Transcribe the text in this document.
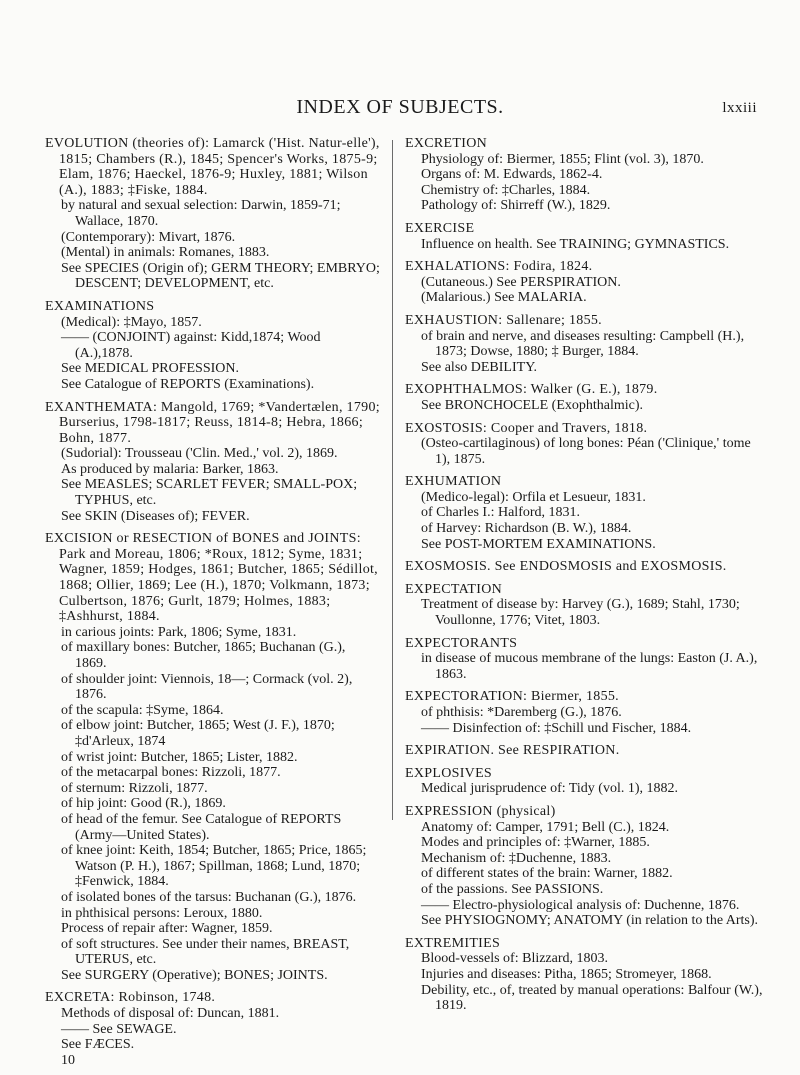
INDEX OF SUBJECTS.	lxxiii

EVOLUTION (theories of): Lamarck ('Hist. Natur-elle'), 1815; Chambers (R.), 1845; Spencer's Works, 1875-9; Elam, 1876; Haeckel, 1876-9; Huxley, 1881; Wilson (A.), 1883; ‡Fiske, 1884.

by natural and sexual selection: Darwin, 1859-71; Wallace, 1870.

(Contemporary): Mivart, 1876.

(Mental) in animals: Romanes, 1883.

See SPECIES (Origin of); GERM THEORY; EMBRYO; DESCENT; DEVELOPMENT, etc.

EXAMINATIONS

(Medical): ‡Mayo, 1857.

—— (CONJOINT) against: Kidd,1874; Wood (A.),1878.

See MEDICAL PROFESSION.

See Catalogue of REPORTS (Examinations).

EXANTHEMATA: Mangold, 1769; *Vandertælen, 1790; Burserius, 1798-1817; Reuss, 1814-8; Hebra, 1866; Bohn, 1877.

(Sudorial): Trousseau ('Clin. Med.,' vol. 2), 1869.

As produced by malaria: Barker, 1863.

See MEASLES; SCARLET FEVER; SMALL-POX; TYPHUS, etc.

See SKIN (Diseases of); FEVER.

EXCISION or RESECTION of BONES and JOINTS: Park and Moreau, 1806; *Roux, 1812; Syme, 1831; Wagner, 1859; Hodges, 1861; Butcher, 1865; Sédillot, 1868; Ollier, 1869; Lee (H.), 1870; Volkmann, 1873; Culbertson, 1876; Gurlt, 1879; Holmes, 1883; ‡Ashhurst, 1884.

in carious joints: Park, 1806; Syme, 1831.

of maxillary bones: Butcher, 1865; Buchanan (G.), 1869.

of shoulder joint: Viennois, 18—; Cormack (vol. 2), 1876.

of the scapula: ‡Syme, 1864.

of elbow joint: Butcher, 1865; West (J. F.), 1870; ‡d'Arleux, 1874

of wrist joint: Butcher, 1865; Lister, 1882.

of the metacarpal bones: Rizzoli, 1877.

of sternum: Rizzoli, 1877.

of hip joint: Good (R.), 1869.

of head of the femur. See Catalogue of REPORTS (Army—United States).

of knee joint: Keith, 1854; Butcher, 1865; Price, 1865; Watson (P. H.), 1867; Spillman, 1868; Lund, 1870; ‡Fenwick, 1884.

of isolated bones of the tarsus: Buchanan (G.), 1876.

in phthisical persons: Leroux, 1880.

Process of repair after: Wagner, 1859.

of soft structures. See under their names, BREAST, UTERUS, etc.

See SURGERY (Operative); BONES; JOINTS.

EXCRETA: Robinson, 1748.

Methods of disposal of: Duncan, 1881.

—— See SEWAGE.

See FÆCES.

10

EXCRETION

Physiology of: Biermer, 1855; Flint (vol. 3), 1870.

Organs of: M. Edwards, 1862-4.

Chemistry of: ‡Charles, 1884.

Pathology of: Shirreff (W.), 1829.

EXERCISE

Influence on health. See TRAINING; GYMNASTICS.

EXHALATIONS: Fodira, 1824.

(Cutaneous.) See PERSPIRATION.

(Malarious.) See MALARIA.

EXHAUSTION: Sallenare; 1855.

of brain and nerve, and diseases resulting: Campbell (H.), 1873; Dowse, 1880; ‡ Burger, 1884.

See also DEBILITY.

EXOPHTHALMOS: Walker (G. E.), 1879.

See BRONCHOCELE (Exophthalmic).

EXOSTOSIS: Cooper and Travers, 1818.

(Osteo-cartilaginous) of long bones: Péan ('Clinique,' tome 1), 1875.

EXHUMATION

(Medico-legal): Orfila et Lesueur, 1831.

of Charles I.: Halford, 1831.

of Harvey: Richardson (B. W.), 1884.

See POST-MORTEM EXAMINATIONS.

EXOSMOSIS. See ENDOSMOSIS and EXOSMOSIS.

EXPECTATION

Treatment of disease by: Harvey (G.), 1689; Stahl, 1730; Voullonne, 1776; Vitet, 1803.

EXPECTORANTS

in disease of mucous membrane of the lungs: Easton (J. A.), 1863.

EXPECTORATION: Biermer, 1855.

of phthisis: *Daremberg (G.), 1876.

—— Disinfection of: ‡Schill und Fischer, 1884.

EXPIRATION. See RESPIRATION.

EXPLOSIVES

Medical jurisprudence of: Tidy (vol. 1), 1882.

EXPRESSION (physical)

Anatomy of: Camper, 1791; Bell (C.), 1824.

Modes and principles of: ‡Warner, 1885.

Mechanism of: ‡Duchenne, 1883.

of different states of the brain: Warner, 1882.

of the passions. See PASSIONS.

—— Electro-physiological analysis of: Duchenne, 1876.

See PHYSIOGNOMY; ANATOMY (in relation to the Arts).

EXTREMITIES

Blood-vessels of: Blizzard, 1803.

Injuries and diseases: Pitha, 1865; Stromeyer, 1868.

Debility, etc., of, treated by manual operations: Balfour (W.), 1819.
